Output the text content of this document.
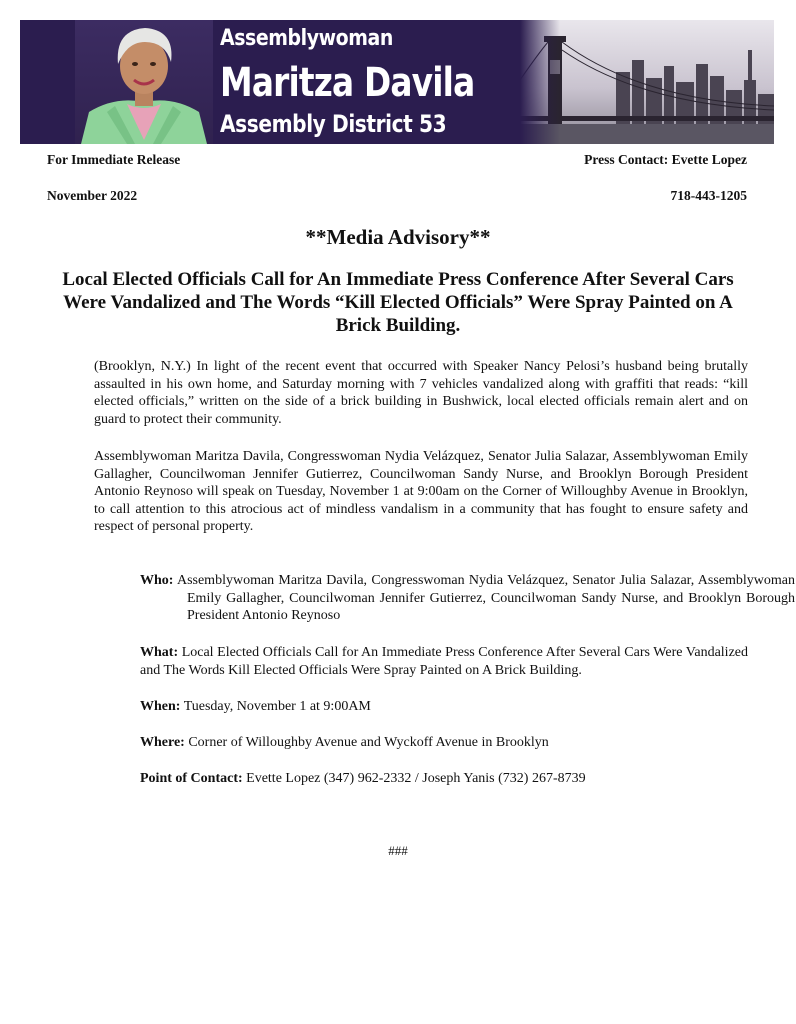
Assemblywoman
Maritza Davila
Assembly District 53
For Immediate Release	Press Contact: Evette Lopez
November 2022	718-443-1205
**Media Advisory**
Local Elected Officials Call for An Immediate Press Conference After Several Cars Were Vandalized and The Words “Kill Elected Officials” Were Spray Painted on A Brick Building.

(Brooklyn, N.Y.) In light of the recent event that occurred with Speaker Nancy Pelosi’s husband being brutally assaulted in his own home, and Saturday morning with 7 vehicles vandalized along with graffiti that reads: “kill elected officials,” written on the side of a brick building in Bushwick, local elected officials remain alert and on guard to protect their community.

Assemblywoman Maritza Davila, Congresswoman Nydia Velázquez, Senator Julia Salazar, Assemblywoman Emily Gallagher, Councilwoman Jennifer Gutierrez, Councilwoman Sandy Nurse, and Brooklyn Borough President Antonio Reynoso will speak on Tuesday, November 1 at 9:00am on the Corner of Willoughby Avenue in Brooklyn, to call attention to this atrocious act of mindless vandalism in a community that has fought to ensure safety and respect of personal property.

Who: Assemblywoman Maritza Davila, Congresswoman Nydia Velázquez, Senator Julia Salazar, Assemblywoman Emily Gallagher, Councilwoman Jennifer Gutierrez, Councilwoman Sandy Nurse, and Brooklyn Borough President Antonio Reynoso

What: Local Elected Officials Call for An Immediate Press Conference After Several Cars Were Vandalized and The Words Kill Elected Officials Were Spray Painted on A Brick Building.

When: Tuesday, November 1 at 9:00AM

Where: Corner of Willoughby Avenue and Wyckoff Avenue in Brooklyn

Point of Contact: Evette Lopez (347) 962-2332 / Joseph Yanis (732) 267-8739

###
